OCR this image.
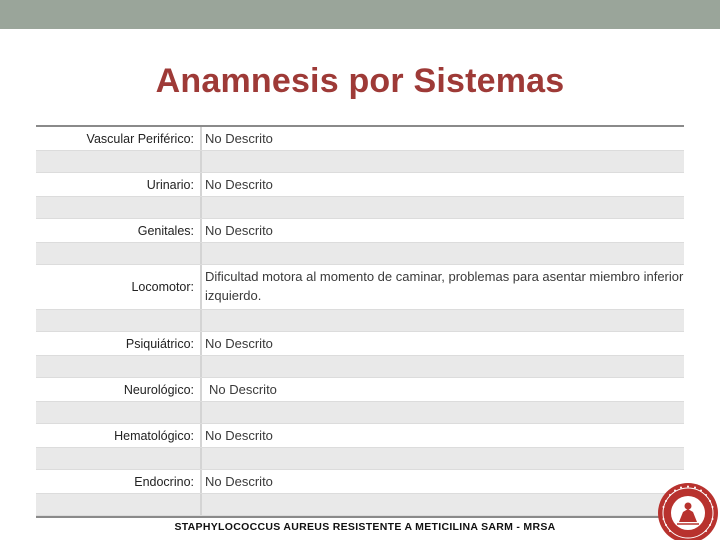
Anamnesis por Sistemas
Vascular Periférico: No Descrito
Urinario: No Descrito
Genitales: No Descrito
Locomotor:
Dificultad motora al momento de caminar, problemas para asentar miembro inferior izquierdo.
Psiquiátrico: No Descrito
Neurológico:	No Descrito
Hematológico: No Descrito
Endocrino: No Descrito
STAPHYLOCOCCUS AUREUS RESISTENTE A METICILINA SARM - MRSA
